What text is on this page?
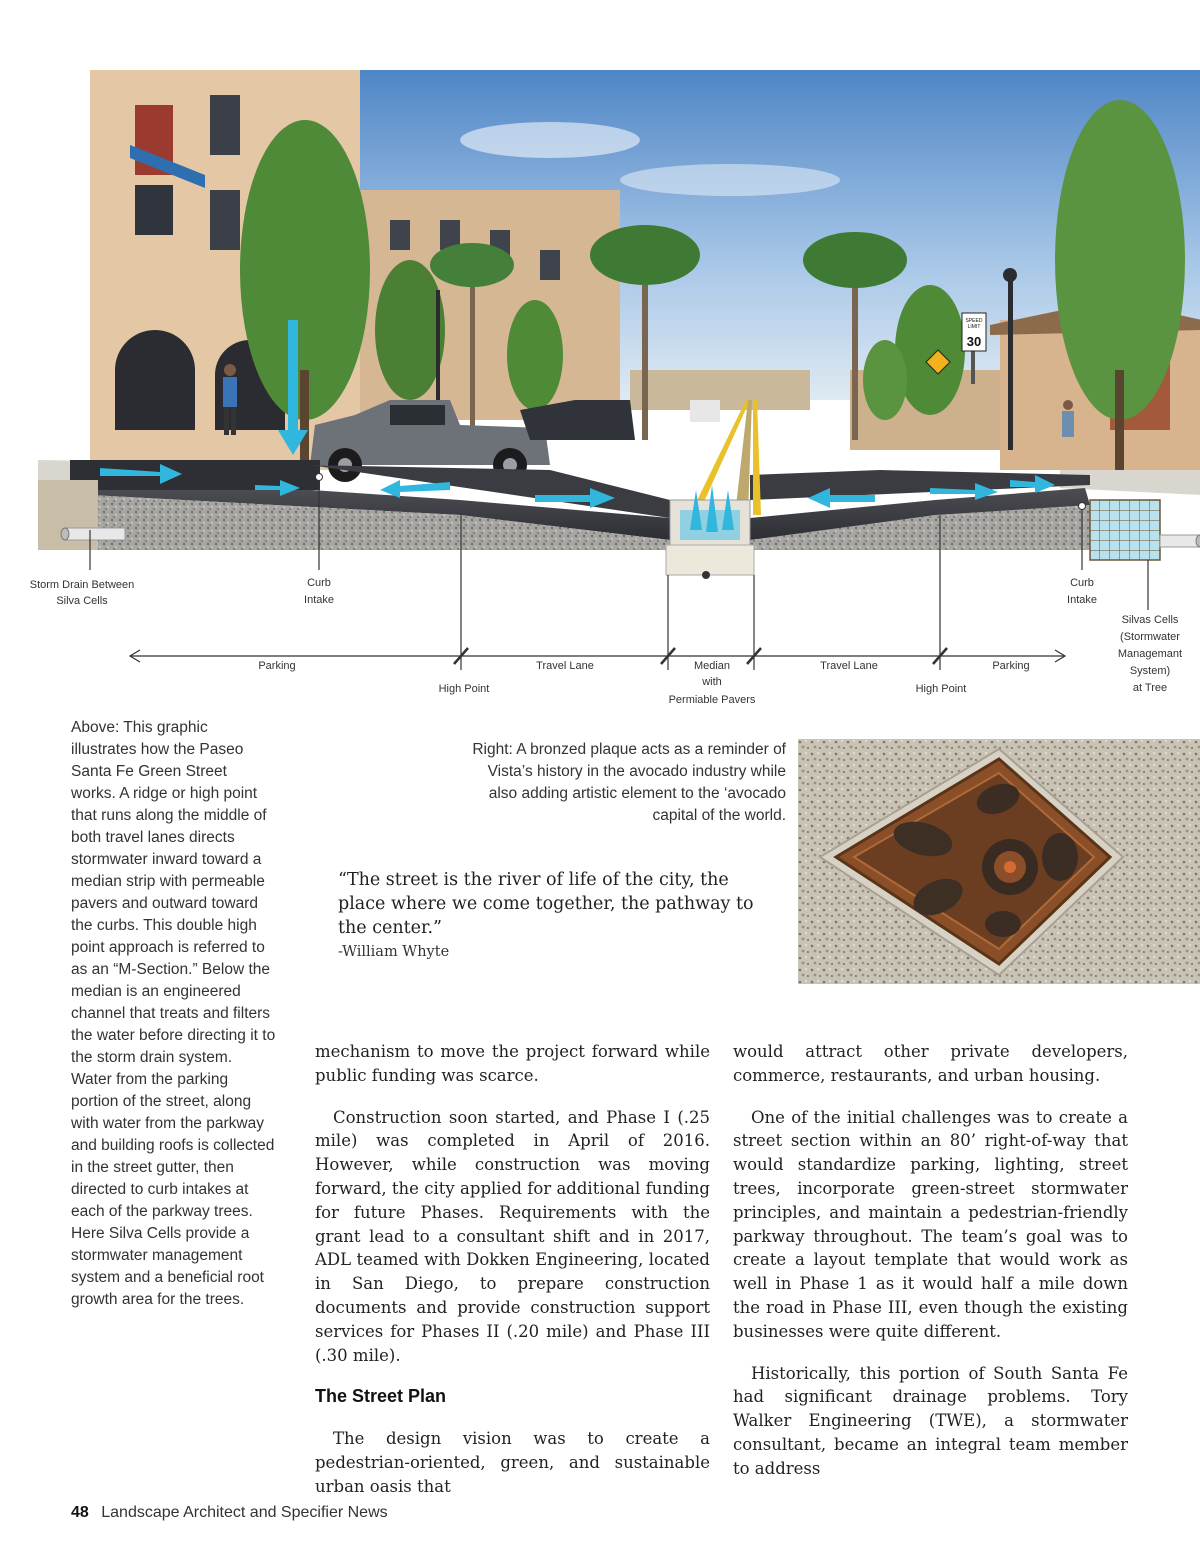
SPEED
LIMIT
30
Storm Drain Between
Silva Cells
Curb
Intake
Curb
Intake
Silvas Cells
(Stormwater
Managemant
System)
at Tree
Parking
High Point
Travel Lane	Median
with
Permiable Pavers
Travel Lane
High Point
Parking

Above: This graphic illustrates how the Paseo Santa Fe Green Street works. A ridge or high point that runs along the middle of both travel lanes directs stormwater inward toward a median strip with permeable pavers and outward toward the curbs. This double high point approach is referred to as an “M-Section.” Below the median is an engineered channel that treats and filters the water before directing it to the storm drain system. Water from the parking portion of the street, along with water from the parkway and building roofs is collected in the street gutter, then directed to curb intakes at each of the parkway trees. Here Silva Cells provide a stormwater management system and a beneficial root growth area for the trees.

Right: A bronzed plaque acts as a reminder of Vista’s history in the avocado industry while also adding artistic element to the ‘avocado capital of the world.

“The street is the river of life of the city, the place where we come together, the pathway to the center.”

-William Whyte

mechanism to move the project forward while public funding was scarce.

Construction soon started, and Phase I (.25 mile) was completed in April of 2016. However, while construction was moving forward, the city applied for additional funding for future Phases. Requirements with the grant lead to a consultant shift and in 2017, ADL teamed with Dokken Engineering, located in San Diego, to prepare construction documents and provide construction support services for Phases II (.20 mile) and Phase III (.30 mile).

The Street Plan

The design vision was to create a pedestrian-oriented, green, and sustainable urban oasis that

would attract other private developers, commerce, restaurants, and urban housing.

One of the initial challenges was to create a street section within an 80’ right-of-way that would standardize parking, lighting, street trees, incorporate green-street stormwater principles, and maintain a pedestrian-friendly parkway throughout. The team’s goal was to create a layout template that would work as well in Phase 1 as it would half a mile down the road in Phase III, even though the existing businesses were quite different.

Historically, this portion of South Santa Fe had significant drainage problems. Tory Walker Engineering (TWE), a stormwater consultant, became an integral team member to address

48 Landscape Architect and Specifier News
